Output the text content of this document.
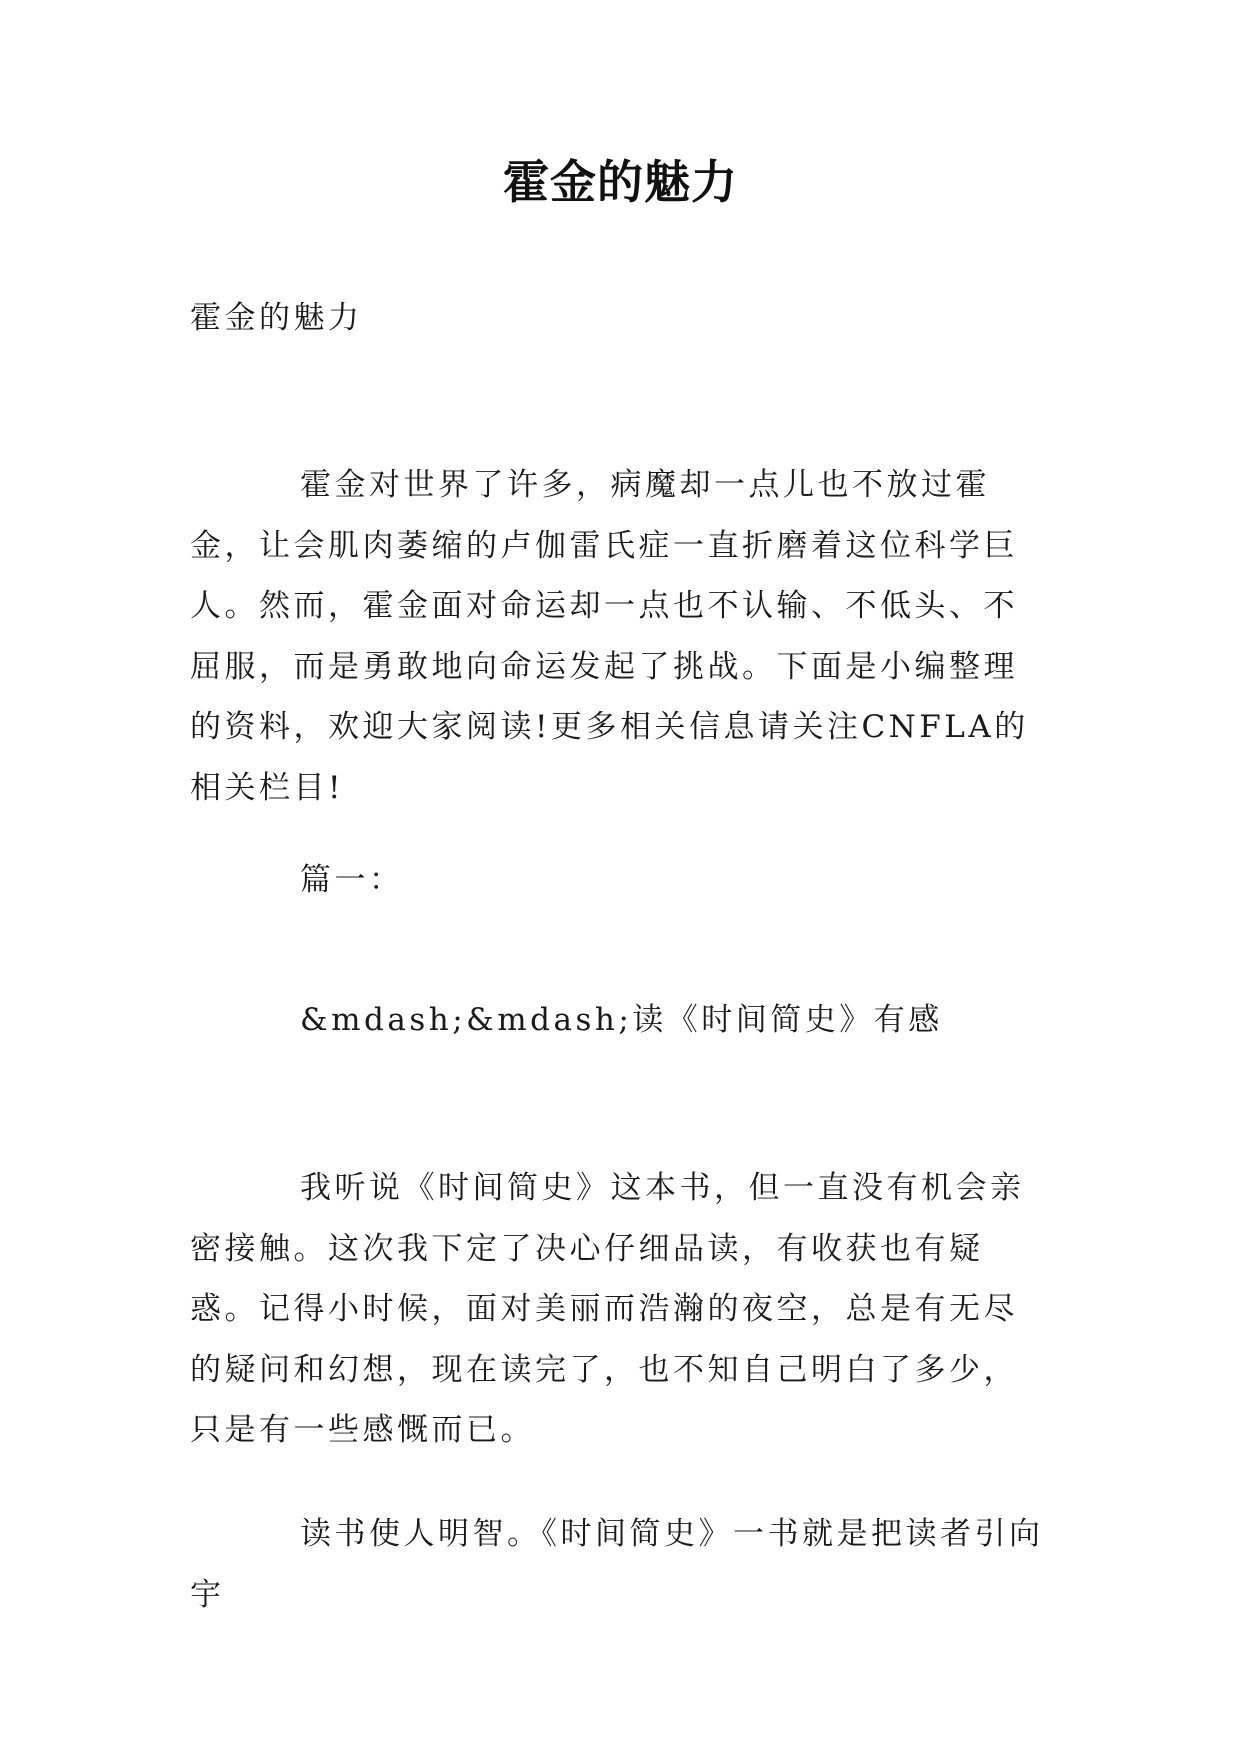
霍金的魅力

霍金的魅力

霍金对世界了许多，病魔却一点儿也不放过霍金，让会肌肉萎缩的卢伽雷氏症一直折磨着这位科学巨人。然而，霍金面对命运却一点也不认输、不低头、不屈服，而是勇敢地向命运发起了挑战。下面是小编整理的资料，欢迎大家阅读!更多相关信息请关注CNFLA的相关栏目!

篇一：

&mdash;&mdash;读《时间简史》有感

我听说《时间简史》这本书，但一直没有机会亲密接触。这次我下定了决心仔细品读，有收获也有疑惑。记得小时候，面对美丽而浩瀚的夜空，总是有无尽的疑问和幻想，现在读完了，也不知自己明白了多少，只是有一些感慨而已。

读书使人明智。《时间简史》一书就是把读者引向宇
